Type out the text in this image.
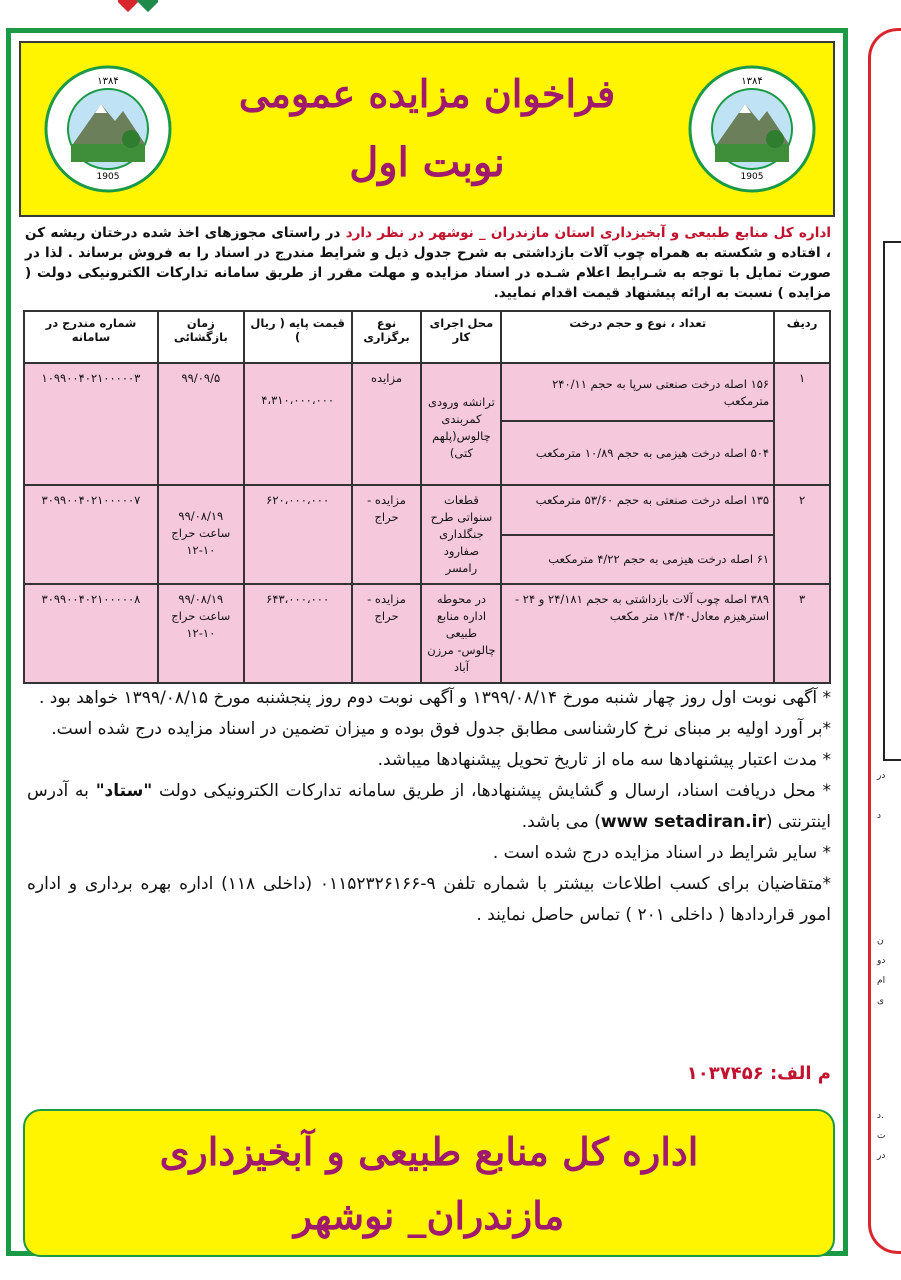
در
د
ن
دو
ام
ی
د.
ت
در
۱۳۸۴
1905
۱۳۸۴
1905
فراخوان مزایده عمومی
نوبت اول
اداره کل منابع طبیعی و آبخیزداری استان مازندران _ نوشهر در نظر دارد در راستای مجوزهای اخذ شده درختان ریشه کن ، افتاده و شکسته به همراه چوب آلات بازداشتی به شرح جدول ذیل و شرایط مندرج در اسناد را به فروش برساند . لذا در صورت تمایل با توجه به شـرایط اعلام شـده در اسناد مزایده و مهلت مقرر از طریق سامانه تدارکات الکترونیکی دولت ( مزایده ) نسبت به ارائه پیشنهاد قیمت اقدام نمایید.
ردیف	تعداد ، نوع و حجم درخت	محل اجرای کار	نوع برگزاری	قیمت پایه ( ریال )	زمان بازگشائی	شماره مندرج در سامانه
۱	۱۵۶ اصله درخت صنعتی سرپا به حجم ۲۴۰/۱۱ مترمکعب	ترانشه ورودی کمربندی چالوس(پلهم کتی)	مزایده	۴،۳۱۰،۰۰۰،۰۰۰	۹۹/۰۹/۵	۱۰۹۹۰۰۴۰۲۱۰۰۰۰۰۳
	۵۰۴ اصله درخت هیزمی به حجم ۱۰/۸۹ مترمکعب					
۲	۱۳۵ اصله درخت صنعتی به حجم ۵۳/۶۰ مترمکعب	قطعات سنواتی طرح جنگلداری صفارود رامسر	مزایده - حراج	۶۲۰،۰۰۰،۰۰۰	۹۹/۰۸/۱۹ ساعت حراج ۱۰-۱۲	۳۰۹۹۰۰۴۰۲۱۰۰۰۰۰۷
	۶۱ اصله درخت هیزمی به حجم ۴/۲۲ مترمکعب					
۳	۳۸۹ اصله چوب آلات بازداشتی به حجم ۲۴/۱۸۱ و ۲۴ - استرهیزم معادل۱۴/۴۰ متر مکعب	در محوطه اداره منابع طبیعی چالوس- مرزن آباد	مزایده - حراج	۶۴۳،۰۰۰،۰۰۰	۹۹/۰۸/۱۹ ساعت حراج ۱۰-۱۲	۳۰۹۹۰۰۴۰۲۱۰۰۰۰۰۸

* آگهی نوبت اول روز چهار شنبه مورخ ۱۳۹۹/۰۸/۱۴ و آگهی نوبت دوم روز پنجشنبه مورخ ۱۳۹۹/۰۸/۱۵ خواهد بود .

*بر آورد اولیه بر مبنای نرخ کارشناسی مطابق جدول فوق بوده و میزان تضمین در اسناد مزایده درج شده است.

* مدت اعتبار پیشنهادها سه ماه از تاریخ تحویل پیشنهادها میباشد.

* محل دریافت اسناد، ارسال و گشایش پیشنهادها، از طریق سامانه تدارکات الکترونیکی دولت "ستاد" به آدرس اینترنتی (www setadiran.ir) می باشد.

* سایر شرایط در اسناد مزایده درج شده است .

*متقاضیان برای کسب اطلاعات بیشتر با شماره تلفن ۹-۰۱۱۵۲۳۲۶۱۶۶ (داخلی ۱۱۸) اداره بهره برداری و اداره امور قراردادها ( داخلی ۲۰۱ ) تماس حاصل نمایند .

م الف: ۱۰۳۷۴۵۶
اداره کل منابع طبیعی و آبخیزداری
مازندران_ نوشهر
